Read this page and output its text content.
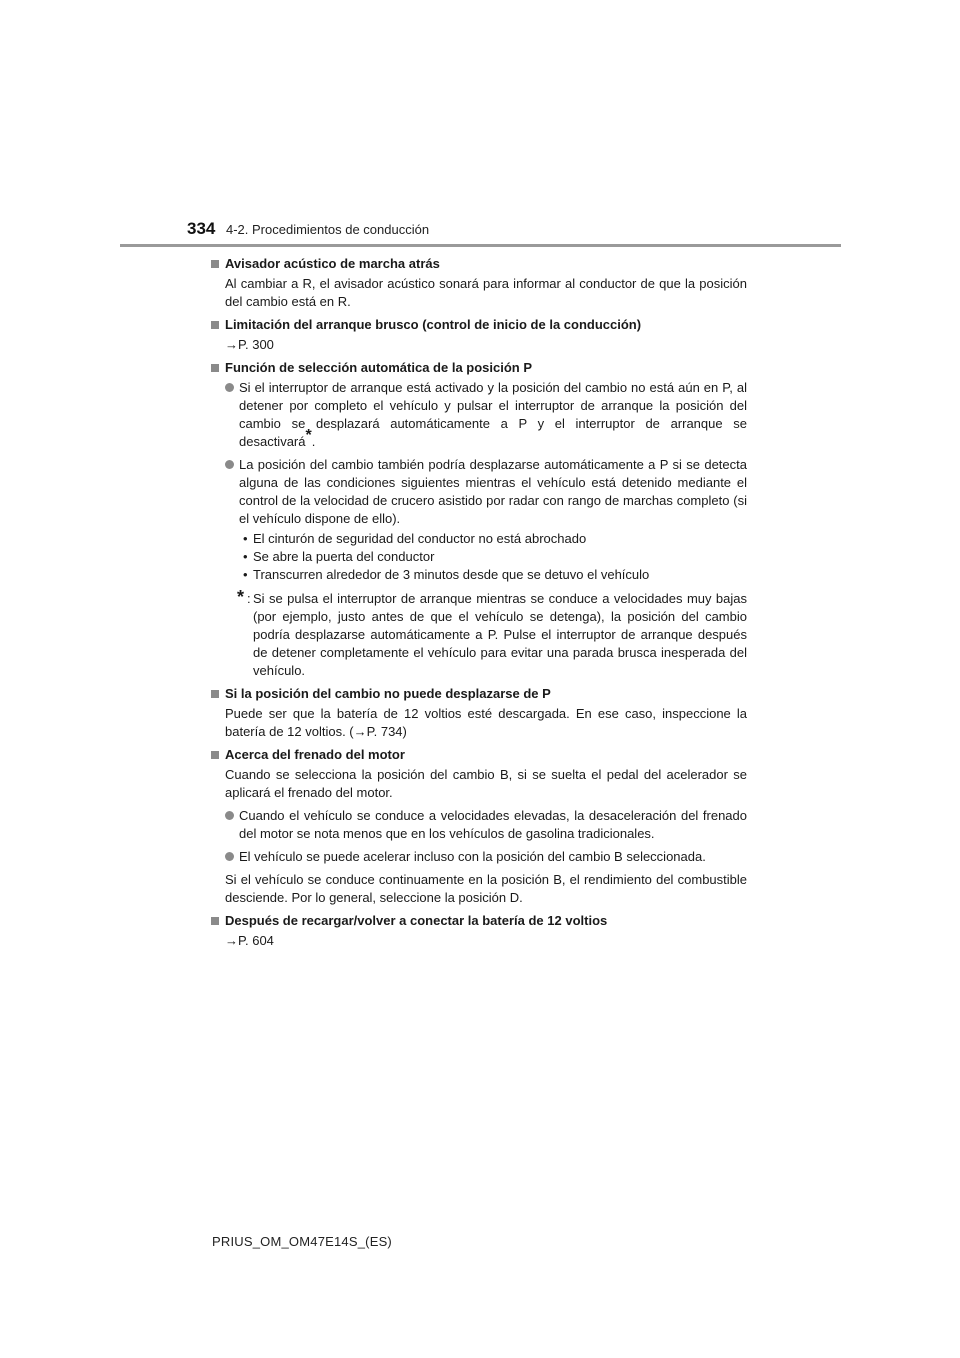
334 4-2. Procedimientos de conducción
Avisador acústico de marcha atrás
Al cambiar a R, el avisador acústico sonará para informar al conductor de que la posición del cambio está en R.
Limitación del arranque brusco (control de inicio de la conducción)
→P. 300
Función de selección automática de la posición P
Si el interruptor de arranque está activado y la posición del cambio no está aún en P, al detener por completo el vehículo y pulsar el interruptor de arranque la posición del cambio se desplazará automáticamente a P y el interruptor de arranque se desactivará*.
La posición del cambio también podría desplazarse automáticamente a P si se detecta alguna de las condiciones siguientes mientras el vehículo está detenido mediante el control de la velocidad de crucero asistido por radar con rango de marchas completo (si el vehículo dispone de ello).
• El cinturón de seguridad del conductor no está abrochado
• Se abre la puerta del conductor
• Transcurren alrededor de 3 minutos desde que se detuvo el vehículo
* : Si se pulsa el interruptor de arranque mientras se conduce a velocidades muy bajas (por ejemplo, justo antes de que el vehículo se detenga), la posición del cambio podría desplazarse automáticamente a P. Pulse el interruptor de arranque después de detener completamente el vehículo para evitar una parada brusca inesperada del vehículo.
Si la posición del cambio no puede desplazarse de P
Puede ser que la batería de 12 voltios esté descargada. En ese caso, inspeccione la batería de 12 voltios. (→P. 734)
Acerca del frenado del motor
Cuando se selecciona la posición del cambio B, si se suelta el pedal del acelerador se aplicará el frenado del motor.
Cuando el vehículo se conduce a velocidades elevadas, la desaceleración del frenado del motor se nota menos que en los vehículos de gasolina tradicionales.
El vehículo se puede acelerar incluso con la posición del cambio B seleccionada.
Si el vehículo se conduce continuamente en la posición B, el rendimiento del combustible desciende. Por lo general, seleccione la posición D.
Después de recargar/volver a conectar la batería de 12 voltios
→P. 604
PRIUS_OM_OM47E14S_(ES)
